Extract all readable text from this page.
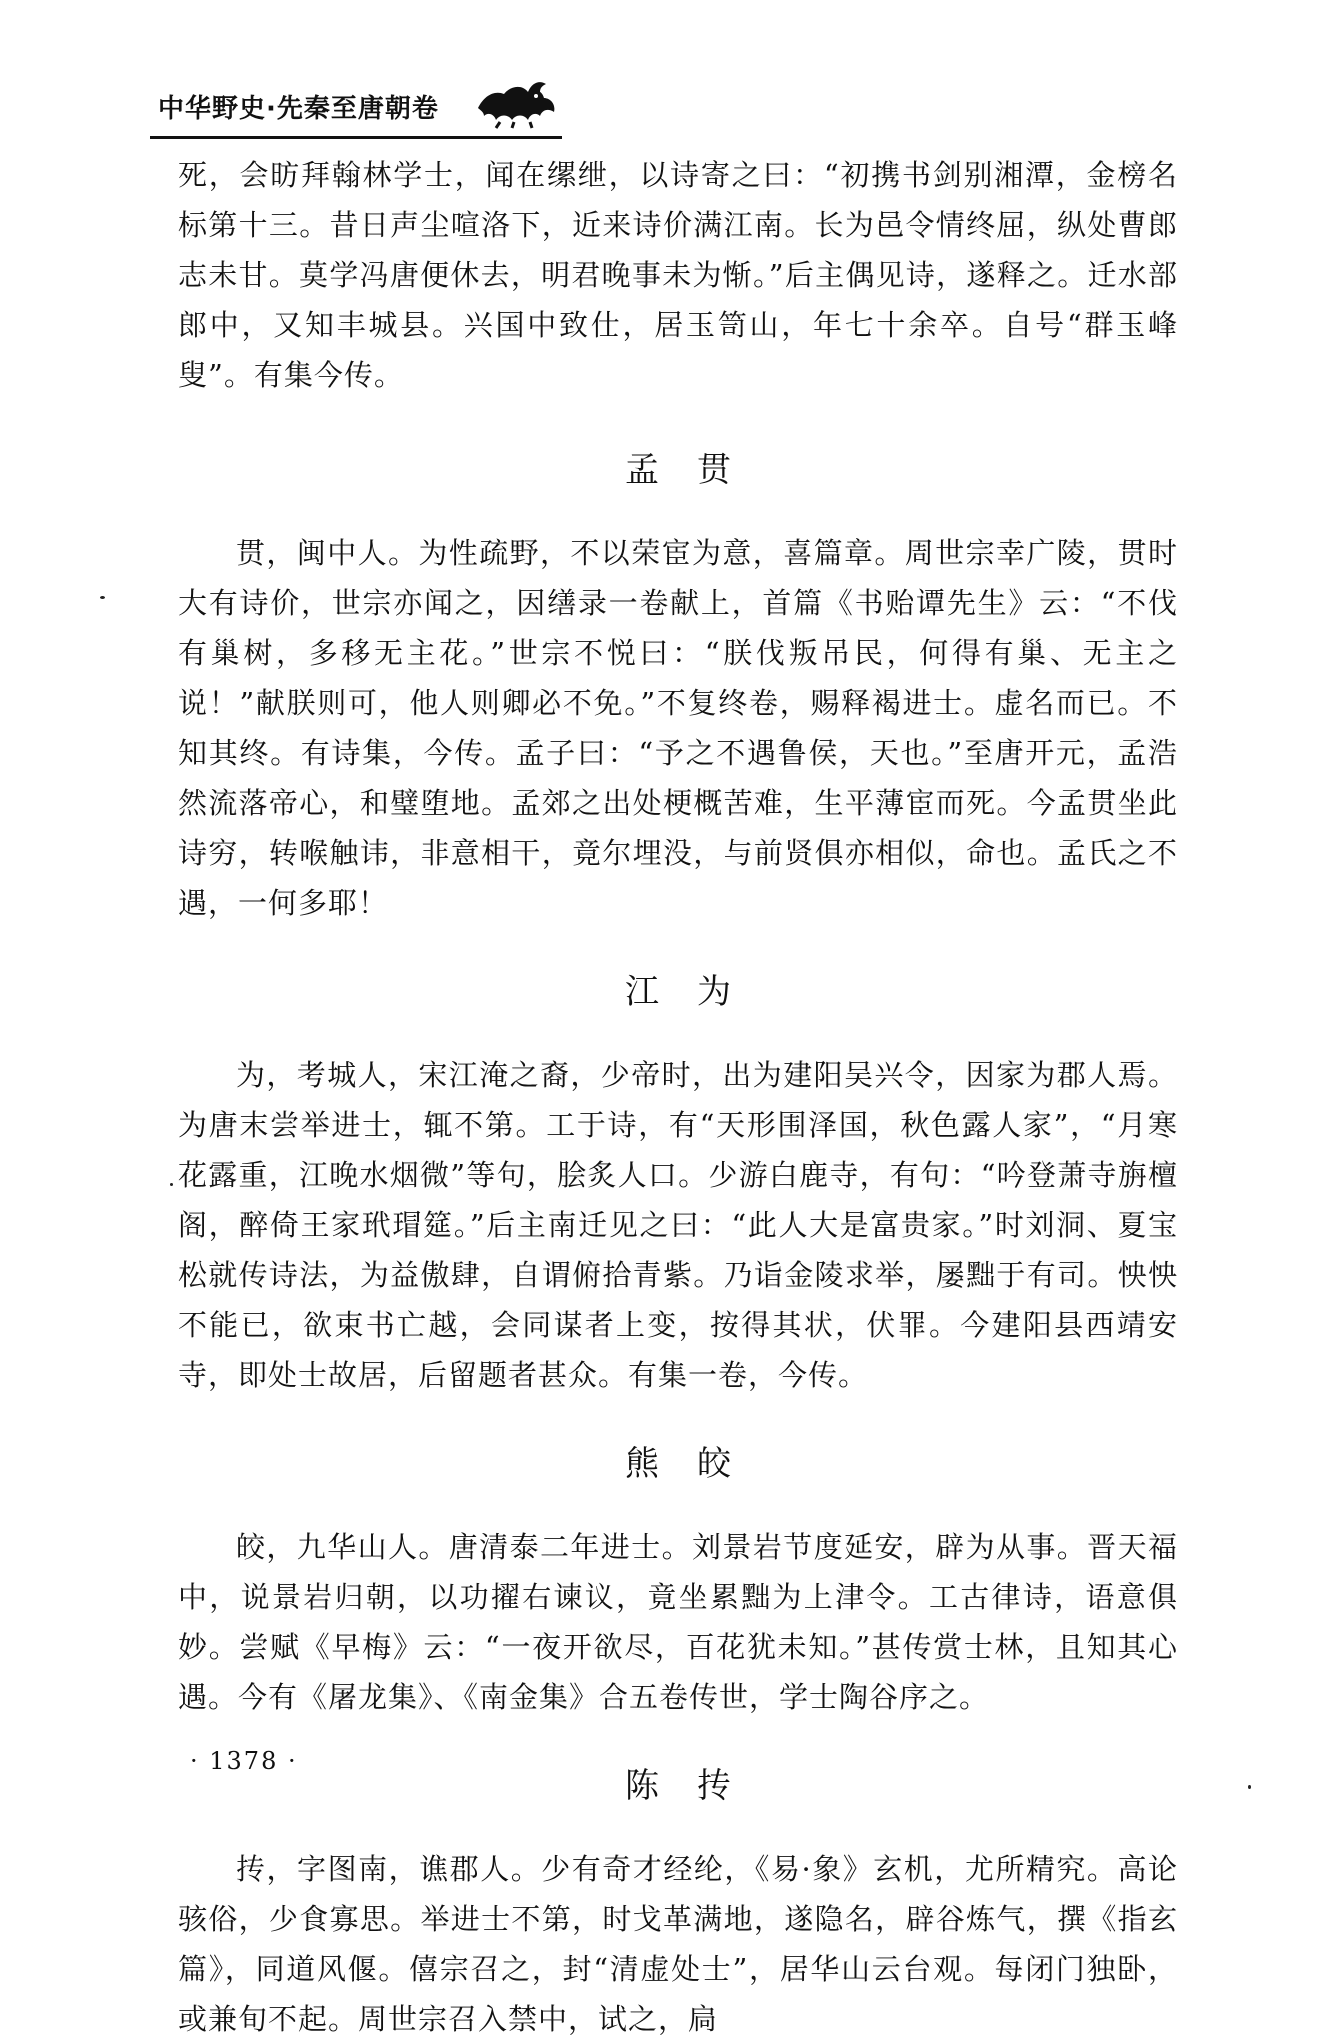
中华野史·先秦至唐朝卷

死，会昉拜翰林学士，闻在缧绁，以诗寄之曰：“初携书剑别湘潭，金榜名标第十三。昔日声尘喧洛下，近来诗价满江南。长为邑令情终屈，纵处曹郎志未甘。莫学冯唐便休去，明君晚事未为惭。”后主偶见诗，遂释之。迁水部郎中，又知丰城县。兴国中致仕，居玉笥山，年七十余卒。自号“群玉峰叟”。有集今传。

孟贯

贯，闽中人。为性疏野，不以荣宦为意，喜篇章。周世宗幸广陵，贯时大有诗价，世宗亦闻之，因缮录一卷献上，首篇《书贻谭先生》云：“不伐有巢树，多移无主花。”世宗不悦曰：“朕伐叛吊民，何得有巢、无主之说！”献朕则可，他人则卿必不免。”不复终卷，赐释褐进士。虚名而已。不知其终。有诗集，今传。孟子曰：“予之不遇鲁侯，天也。”至唐开元，孟浩然流落帝心，和璧堕地。孟郊之出处梗概苦难，生平薄宦而死。今孟贯坐此诗穷，转喉触讳，非意相干，竟尔埋没，与前贤俱亦相似，命也。孟氏之不遇，一何多耶！

江为

为，考城人，宋江淹之裔，少帝时，出为建阳吴兴令，因家为郡人焉。为唐末尝举进士，辄不第。工于诗，有“天形围泽国，秋色露人家”，“月寒花露重，江晚水烟微”等句，脍炙人口。少游白鹿寺，有句：“吟登萧寺旃檀阁，醉倚王家玳瑁筵。”后主南迁见之曰：“此人大是富贵家。”时刘洞、夏宝松就传诗法，为益傲肆，自谓俯拾青紫。乃诣金陵求举，屡黜于有司。怏怏不能已，欲束书亡越，会同谋者上变，按得其状，伏罪。今建阳县西靖安寺，即处士故居，后留题者甚众。有集一卷，今传。

熊皎

皎，九华山人。唐清泰二年进士。刘景岩节度延安，辟为从事。晋天福中，说景岩归朝，以功擢右谏议，竟坐累黜为上津令。工古律诗，语意俱妙。尝赋《早梅》云：“一夜开欲尽，百花犹未知。”甚传赏士林，且知其心遇。今有《屠龙集》、《南金集》合五卷传世，学士陶谷序之。

陈抟

抟，字图南，谯郡人。少有奇才经纶，《易·象》玄机，尤所精究。高论骇俗，少食寡思。举进士不第，时戈革满地，遂隐名，辟谷炼气，撰《指玄篇》，同道风偃。僖宗召之，封“清虚处士”，居华山云台观。每闭门独卧，或兼旬不起。周世宗召入禁中，试之，扃

· 1378 ·
